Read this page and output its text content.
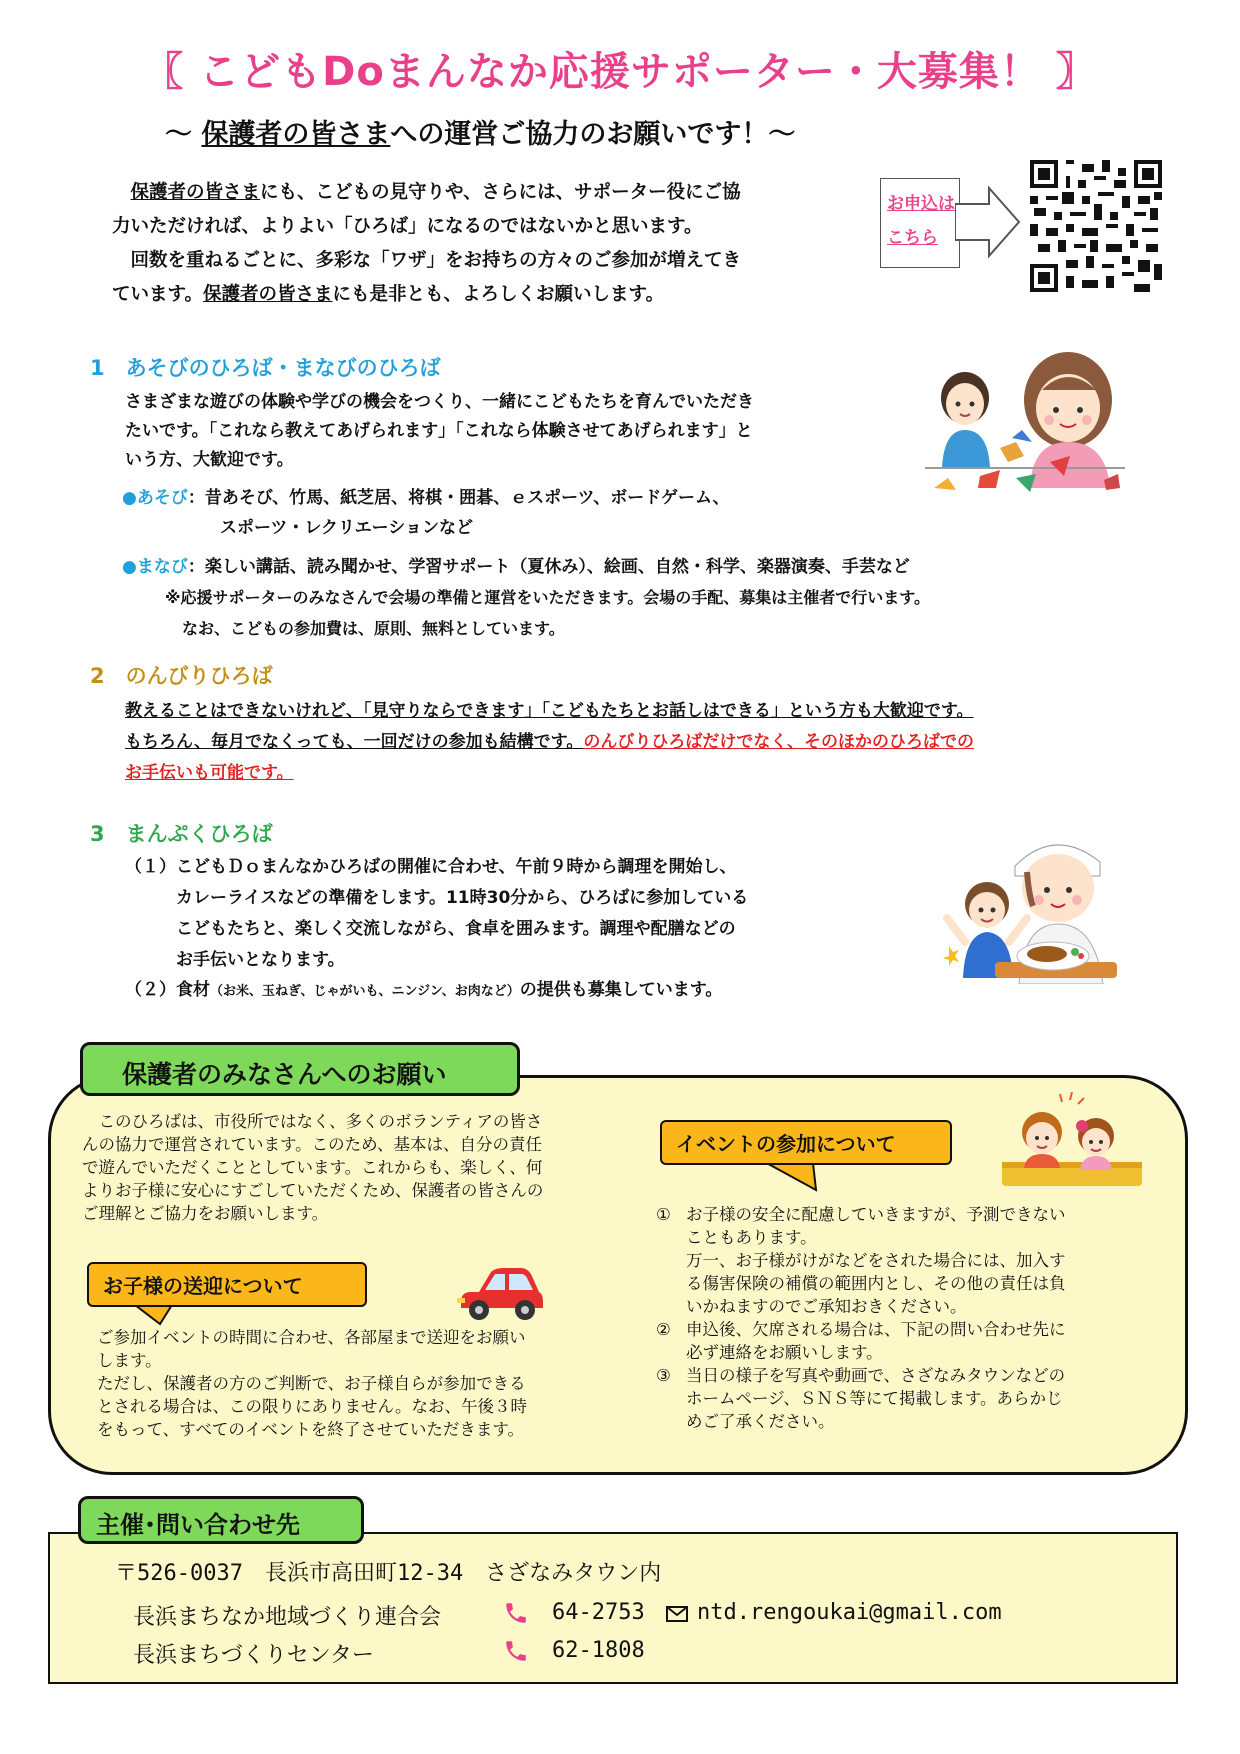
〖 こどもDoまんなか応援サポーター・大募集！ 〗
～ 保護者の皆さまへの運営ご協力のお願いです！～

　保護者の皆さまにも、こどもの見守りや、さらには、サポーター役にご協

力いただければ、よりよい「ひろば」になるのではないかと思います。

　回数を重ねるごとに、多彩な「ワザ」をお持ちの方々のご参加が増えてき

ています。保護者の皆さまにも是非とも、よろしくお願いします。

お申込は
こちら
1　あそびのひろば・まなびのひろば
さまざまな遊びの体験や学びの機会をつくり、一緒にこどもたちを育んでいただき
たいです。「これなら教えてあげられます」「これなら体験させてあげられます」と
いう方、大歓迎です。
●あそび：昔あそび、竹馬、紙芝居、将棋・囲碁、ｅスポーツ、ボードゲーム、
スポーツ・レクリエーションなど
●まなび：楽しい講話、読み聞かせ、学習サポート（夏休み）、絵画、自然・科学、楽器演奏、手芸など
※応援サポーターのみなさんで会場の準備と運営をいただきます。会場の手配、募集は主催者で行います。
なお、こどもの参加費は、原則、無料としています。
2　のんびりひろば
教えることはできないけれど、「見守りならできます」「こどもたちとお話しはできる」という方も大歓迎です。
もちろん、毎月でなくっても、一回だけの参加も結構です。のんびりひろばだけでなく、そのほかのひろばでの
お手伝いも可能です。
3　まんぷくひろば
（１）こどもＤｏまんなかひろばの開催に合わせ、午前９時から調理を開始し、
　　　カレーライスなどの準備をします。11時30分から、ひろばに参加している
　　　こどもたちと、楽しく交流しながら、食卓を囲みます。調理や配膳などの
　　　お手伝いとなります。
（２）食材（お米、玉ねぎ、じゃがいも、ニンジン、お肉など）の提供も募集しています。
保護者のみなさんへのお願い
　このひろばは、市役所ではなく、多くのボランティアの皆さ
んの協力で運営されています。このため、基本は、自分の責任
で遊んでいただくこととしています。これからも、楽しく、何
よりお子様に安心にすごしていただくため、保護者の皆さんの
ご理解とご協力をお願いします。
お子様の送迎について
ご参加イベントの時間に合わせ、各部屋まで送迎をお願い
します。
ただし、保護者の方のご判断で、お子様自らが参加できる
とされる場合は、この限りにありません。なお、午後３時
をもって、すべてのイベントを終了させていただきます。
イベントの参加について
① お子様の安全に配慮していきますが、予測できない
こともあります。
万一、お子様がけがなどをされた場合には、加入す
る傷害保険の補償の範囲内とし、その他の責任は負
いかねますのでご承知おきください。
② 申込後、欠席される場合は、下記の問い合わせ先に
必ず連絡をお願いします。
③ 当日の様子を写真や動画で、さざなみタウンなどの
ホームページ、ＳＮＳ等にて掲載します。あらかじ
めご了承ください。
主催･問い合わせ先
〒526-0037　長浜市高田町12-34　さざなみタウン内
長浜まちなか地域づくり連合会
長浜まちづくりセンター
64-2753 ntd.rengoukai@gmail.com
62-1808
